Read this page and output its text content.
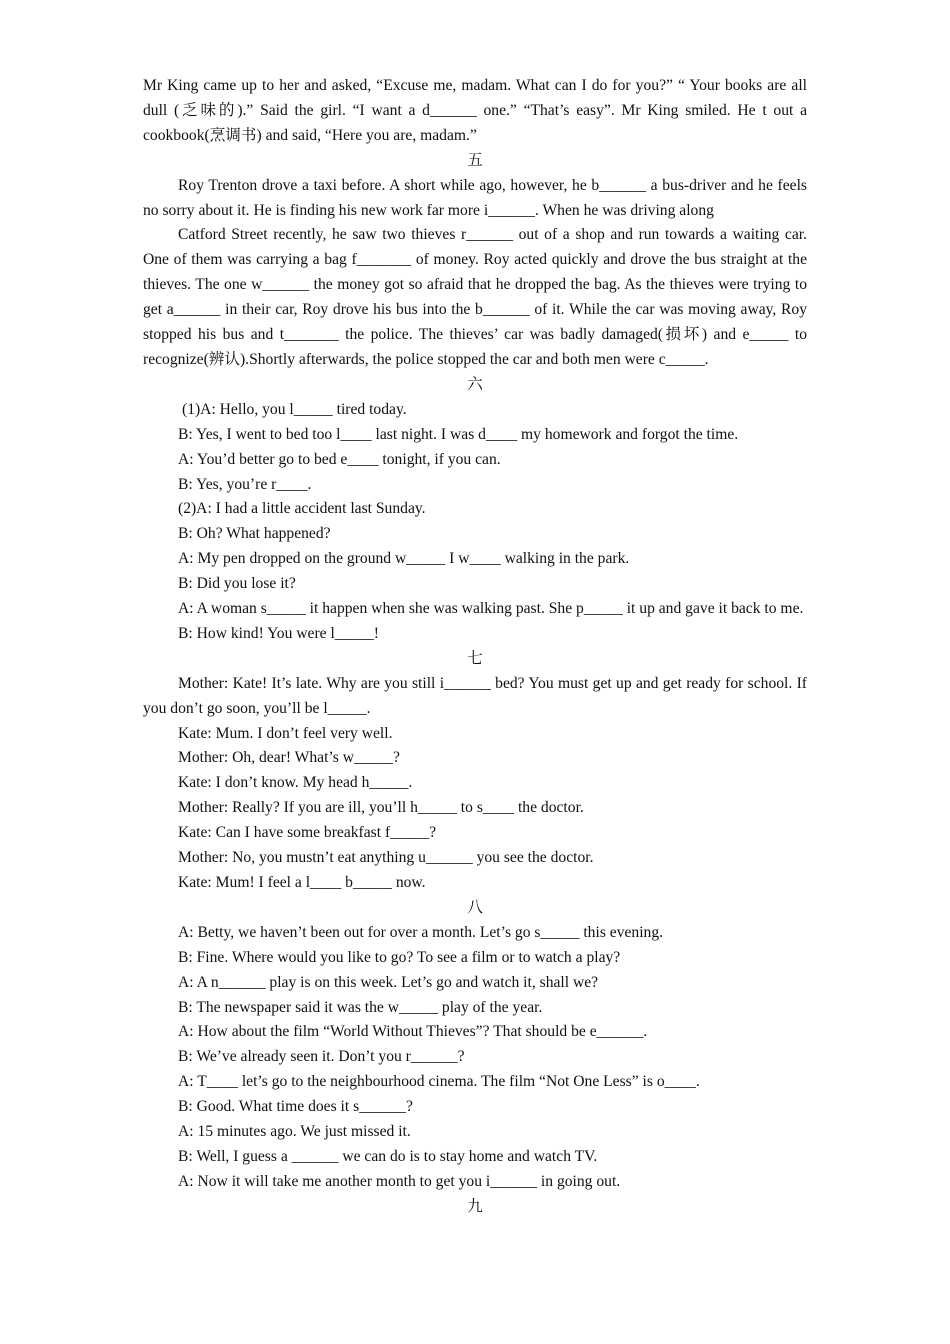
Mr King came up to her and asked, “Excuse me, madam. What can I do for you?” “ Your books are all dull (乏味的).” Said the girl. “I want a d______ one.” “That’s easy”. Mr King smiled. He t out a cookbook(烹调书) and said, “Here you are, madam.”

五

Roy Trenton drove a taxi before. A short while ago, however, he b______ a bus-driver and he feels no sorry about it. He is finding his new work far more i______. When he was driving along

Catford Street recently, he saw two thieves r______ out of a shop and run towards a waiting car. One of them was carrying a bag f_______ of money. Roy acted quickly and drove the bus straight at the thieves. The one w______ the money got so afraid that he dropped the bag. As the thieves were trying to get a______ in their car, Roy drove his bus into the b______ of it. While the car was moving away, Roy stopped his bus and t_______ the police. The thieves’ car was badly damaged(损坏) and e_____ to recognize(辨认).Shortly afterwards, the police stopped the car and both men were c_____.

六

(1)A: Hello, you l_____ tired today.

B: Yes, I went to bed too l____ last night. I was d____ my homework and forgot the time.

A: You’d better go to bed e____ tonight, if you can.

B: Yes, you’re r____.

(2)A: I had a little accident last Sunday.

B: Oh? What happened?

A: My pen dropped on the ground w_____ I w____ walking in the park.

B: Did you lose it?

A: A woman s_____ it happen when she was walking past. She p_____ it up and gave it back to me.

B: How kind! You were l_____!

七

Mother: Kate! It’s late. Why are you still i______ bed? You must get up and get ready for school. If you don’t go soon, you’ll be l_____.

Kate: Mum. I don’t feel very well.

Mother: Oh, dear! What’s w_____?

Kate: I don’t know. My head h_____.

Mother: Really? If you are ill, you’ll h_____ to s____ the doctor.

Kate: Can I have some breakfast f_____?

Mother: No, you mustn’t eat anything u______ you see the doctor.

Kate: Mum! I feel a l____ b_____ now.

八

A: Betty, we haven’t been out for over a month. Let’s go s_____ this evening.

B: Fine. Where would you like to go? To see a film or to watch a play?

A: A n______ play is on this week. Let’s go and watch it, shall we?

B: The newspaper said it was the w_____ play of the year.

A: How about the film “World Without Thieves”? That should be e______.

B: We’ve already seen it. Don’t you r______?

A: T____ let’s go to the neighbourhood cinema. The film “Not One Less” is o____.

B: Good. What time does it s______?

A: 15 minutes ago. We just missed it.

B: Well, I guess a ______ we can do is to stay home and watch TV.

A: Now it will take me another month to get you i______ in going out.

九
